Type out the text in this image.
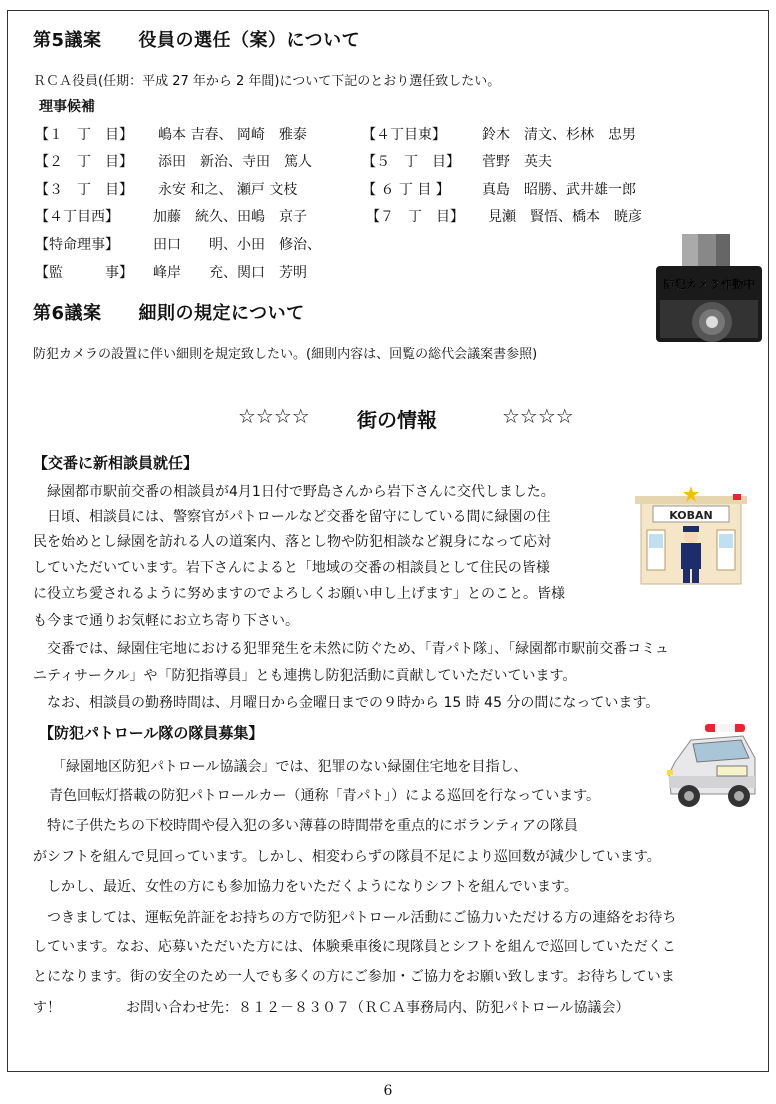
第5議案　　役員の選任（案）について
ＲＣＡ役員(任期：平成 27 年から 2 年間)について下記のとおり選任致したい。
理事候補
【１　丁　目】 嶋本 吉春、 岡崎　雅泰	【４丁目東】	鈴木　清文、杉林　忠男
【２　丁　目】 添田　新治、寺田　篤人	【５　丁　目】 菅野　英夫
【３　丁　目】 永安 和之、 瀬戸 文枝	【 ６ 丁 目 】 真島　昭勝、武井雄一郎
【４丁目西】 加藤　統久、田嶋　京子	【７　丁　目】 見瀬　賢悟、橋本　暁彦
【特命理事】 田口　　明、小田　修治、
【監　　　事】 峰岸　　充、関口　芳明
防犯カメラ作動中
第6議案　　細則の規定について
防犯カメラの設置に伴い細則を規定致したい。(細則内容は、回覧の総代会議案書参照)
☆☆☆☆ 街の情報	☆☆☆☆
【交番に新相談員就任】
　緑園都市駅前交番の相談員が4月1日付で野島さんから岩下さんに交代しました。
　日頃、相談員には、警察官がパトロールなど交番を留守にしている間に緑園の住
民を始めとし緑園を訪れる人の道案内、落とし物や防犯相談など親身になって応対
していただいています。岩下さんによると「地域の交番の相談員として住民の皆様
に役立ち愛されるように努めますのでよろしくお願い申し上げます」とのこと。皆様
も今まで通りお気軽にお立ち寄り下さい。
　交番では、緑園住宅地における犯罪発生を未然に防ぐため、「青パト隊」、「緑園都市駅前交番コミュ
ニティサークル」や「防犯指導員」とも連携し防犯活動に貢献していただいています。
　なお、相談員の勤務時間は、月曜日から金曜日までの９時から 15 時 45 分の間になっています。
KOBAN
【防犯パトロール隊の隊員募集】
「緑園地区防犯パトロール協議会」では、犯罪のない緑園住宅地を目指し、
青色回転灯搭載の防犯パトロールカー（通称「青パト」）による巡回を行なっています。
特に子供たちの下校時間や侵入犯の多い薄暮の時間帯を重点的にボランティアの隊員
がシフトを組んで見回っています。しかし、相変わらずの隊員不足により巡回数が減少しています。
　しかし、最近、女性の方にも参加協力をいただくようになりシフトを組んでいます。
　つきましては、運転免許証をお持ちの方で防犯パトロール活動にご協力いただける方の連絡をお待ち
しています。なお、応募いただいた方には、体験乗車後に現隊員とシフトを組んで巡回していただくこ
とになります。街の安全のため一人でも多くの方にご参加・ご協力をお願い致します。お待ちしていま
す！	お問い合わせ先：８１２－８３０７（ＲＣＡ事務局内、防犯パトロール協議会）
6
